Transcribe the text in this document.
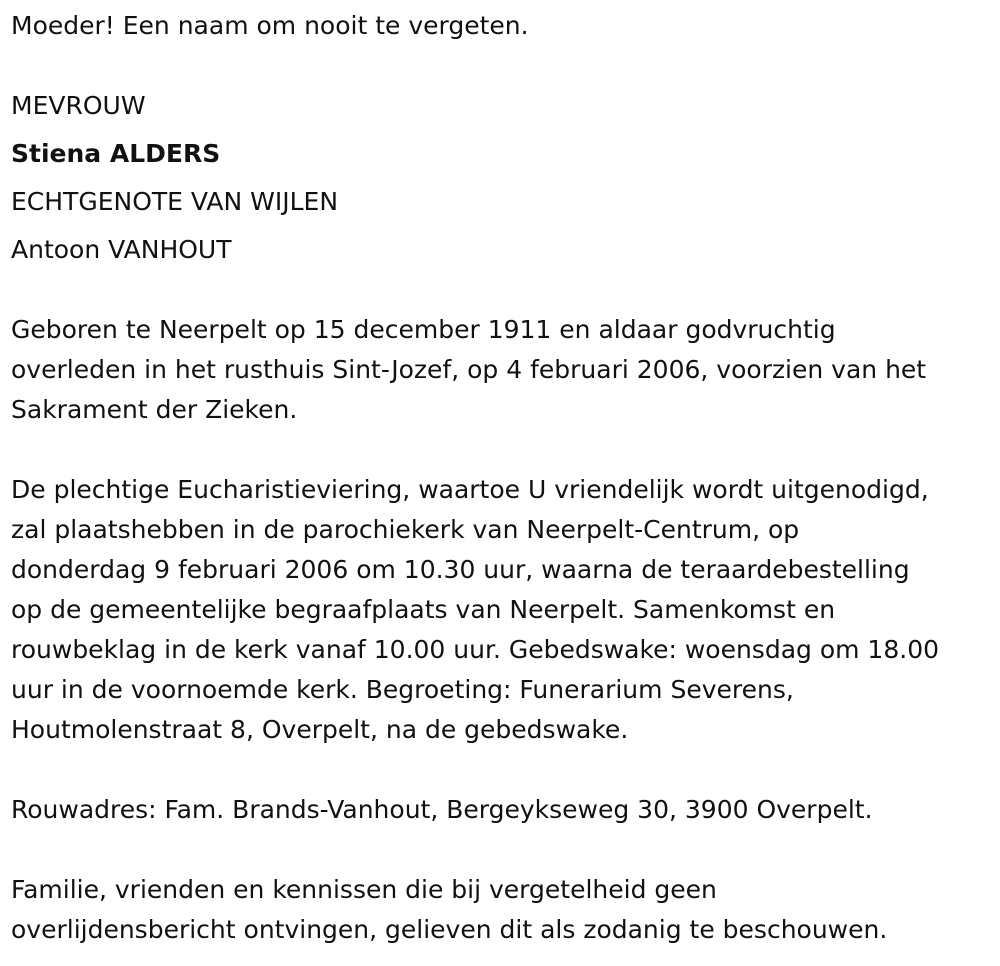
Moeder! Een naam om nooit te vergeten.
MEVROUW
Stiena ALDERS
ECHTGENOTE VAN WIJLEN
Antoon VANHOUT
Geboren te Neerpelt op 15 december 1911 en aldaar godvruchtig
overleden in het rusthuis Sint-Jozef, op 4 februari 2006, voorzien van het
Sakrament der Zieken.
De plechtige Eucharistieviering, waartoe U vriendelijk wordt uitgenodigd,
zal plaatshebben in de parochiekerk van Neerpelt-Centrum, op
donderdag 9 februari 2006 om 10.30 uur, waarna de teraardebestelling
op de gemeentelijke begraafplaats van Neerpelt. Samenkomst en
rouwbeklag in de kerk vanaf 10.00 uur. Gebedswake: woensdag om 18.00
uur in de voornoemde kerk. Begroeting: Funerarium Severens,
Houtmolenstraat 8, Overpelt, na de gebedswake.
Rouwadres: Fam. Brands-Vanhout, Bergeykseweg 30, 3900 Overpelt.
Familie, vrienden en kennissen die bij vergetelheid geen
overlijdensbericht ontvingen, gelieven dit als zodanig te beschouwen.
